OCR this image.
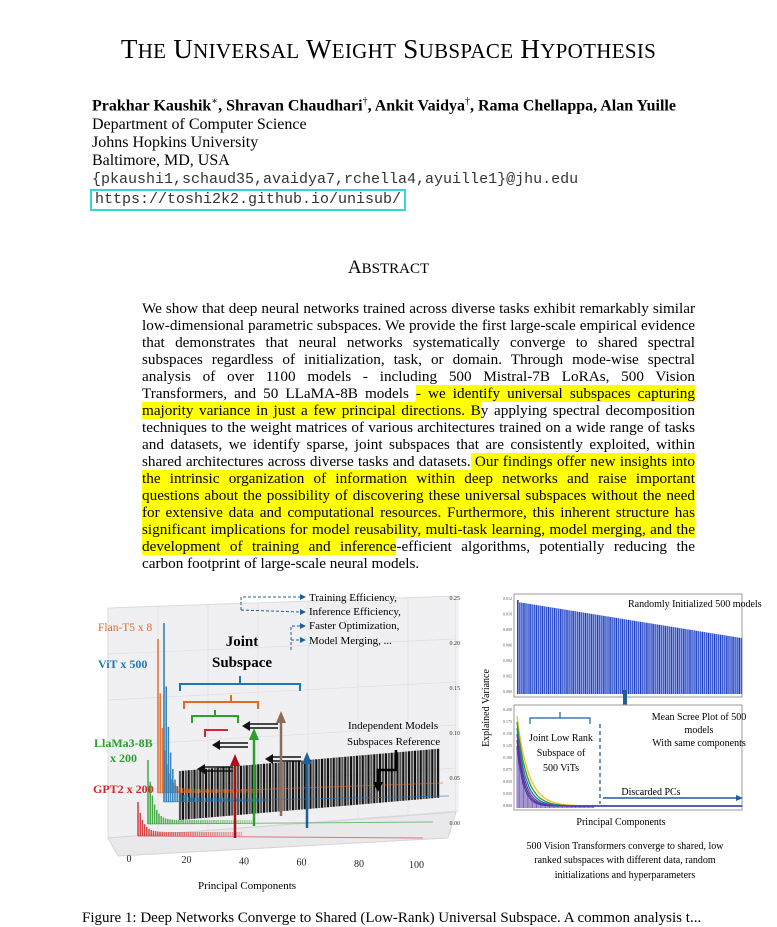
THE UNIVERSAL WEIGHT SUBSPACE HYPOTHESIS
Prakhar Kaushik∗, Shravan Chaudhari†, Ankit Vaidya†, Rama Chellappa, Alan Yuille
Department of Computer Science
Johns Hopkins University
Baltimore, MD, USA
{pkaushi1,schaud35,avaidya7,rchella4,ayuille1}@jhu.edu
https://toshi2k2.github.io/unisub/
ABSTRACT
We show that deep neural networks trained across diverse tasks exhibit remarkably similar low-dimensional parametric subspaces. We provide the first large-scale empirical evidence that demonstrates that neural networks systematically converge to shared spectral subspaces regardless of initialization, task, or domain. Through mode-wise spectral analysis of over 1100 models - including 500 Mistral-7B LoRAs, 500 Vision Transformers, and 50 LLaMA-8B models - we identify universal subspaces capturing majority variance in just a few principal directions. By applying spectral decomposition techniques to the weight matrices of various architectures trained on a wide range of tasks and datasets, we identify sparse, joint subspaces that are consistently exploited, within shared architectures across diverse tasks and datasets. Our findings offer new insights into the intrinsic organization of information within deep networks and raise important questions about the possibility of discovering these universal subspaces without the need for extensive data and computational resources. Furthermore, this inherent structure has significant implications for model reusability, multi-task learning, model merging, and the development of training and inference-efficient algorithms, potentially reducing the carbon footprint of large-scale neural models.
0.25
0.20
0.15
0.10
0.05
0.00
0	20	40	60	80	100
Principal Components
Flan-T5 x 8
ViT x 500
LlaMa3-8B
x 200
GPT2 x 200
Joint
Subspace
Training Efficiency,
Inference Efficiency,
Faster Optimization,
Model Merging, ...
Independent Models
Subspaces Reference
Randomly Initialized 500 models
0.012
0.010
0.008
0.006
0.004
0.002
0.000
0.200
0.175
0.150
0.125
0.100
0.075
0.050
0.025
0.000
Explained Variance	Joint Low Rank
Subspace of
500 ViTs
Mean Scree Plot of 500
models
With same components
Discarded PCs
Principal Components
500 Vision Transformers converge to shared, low
ranked subspaces with different data, random
initializations and hyperparameters
Figure 1: Deep Networks Converge to Shared (Low-Rank) Universal Subspace. A common analysis t...
